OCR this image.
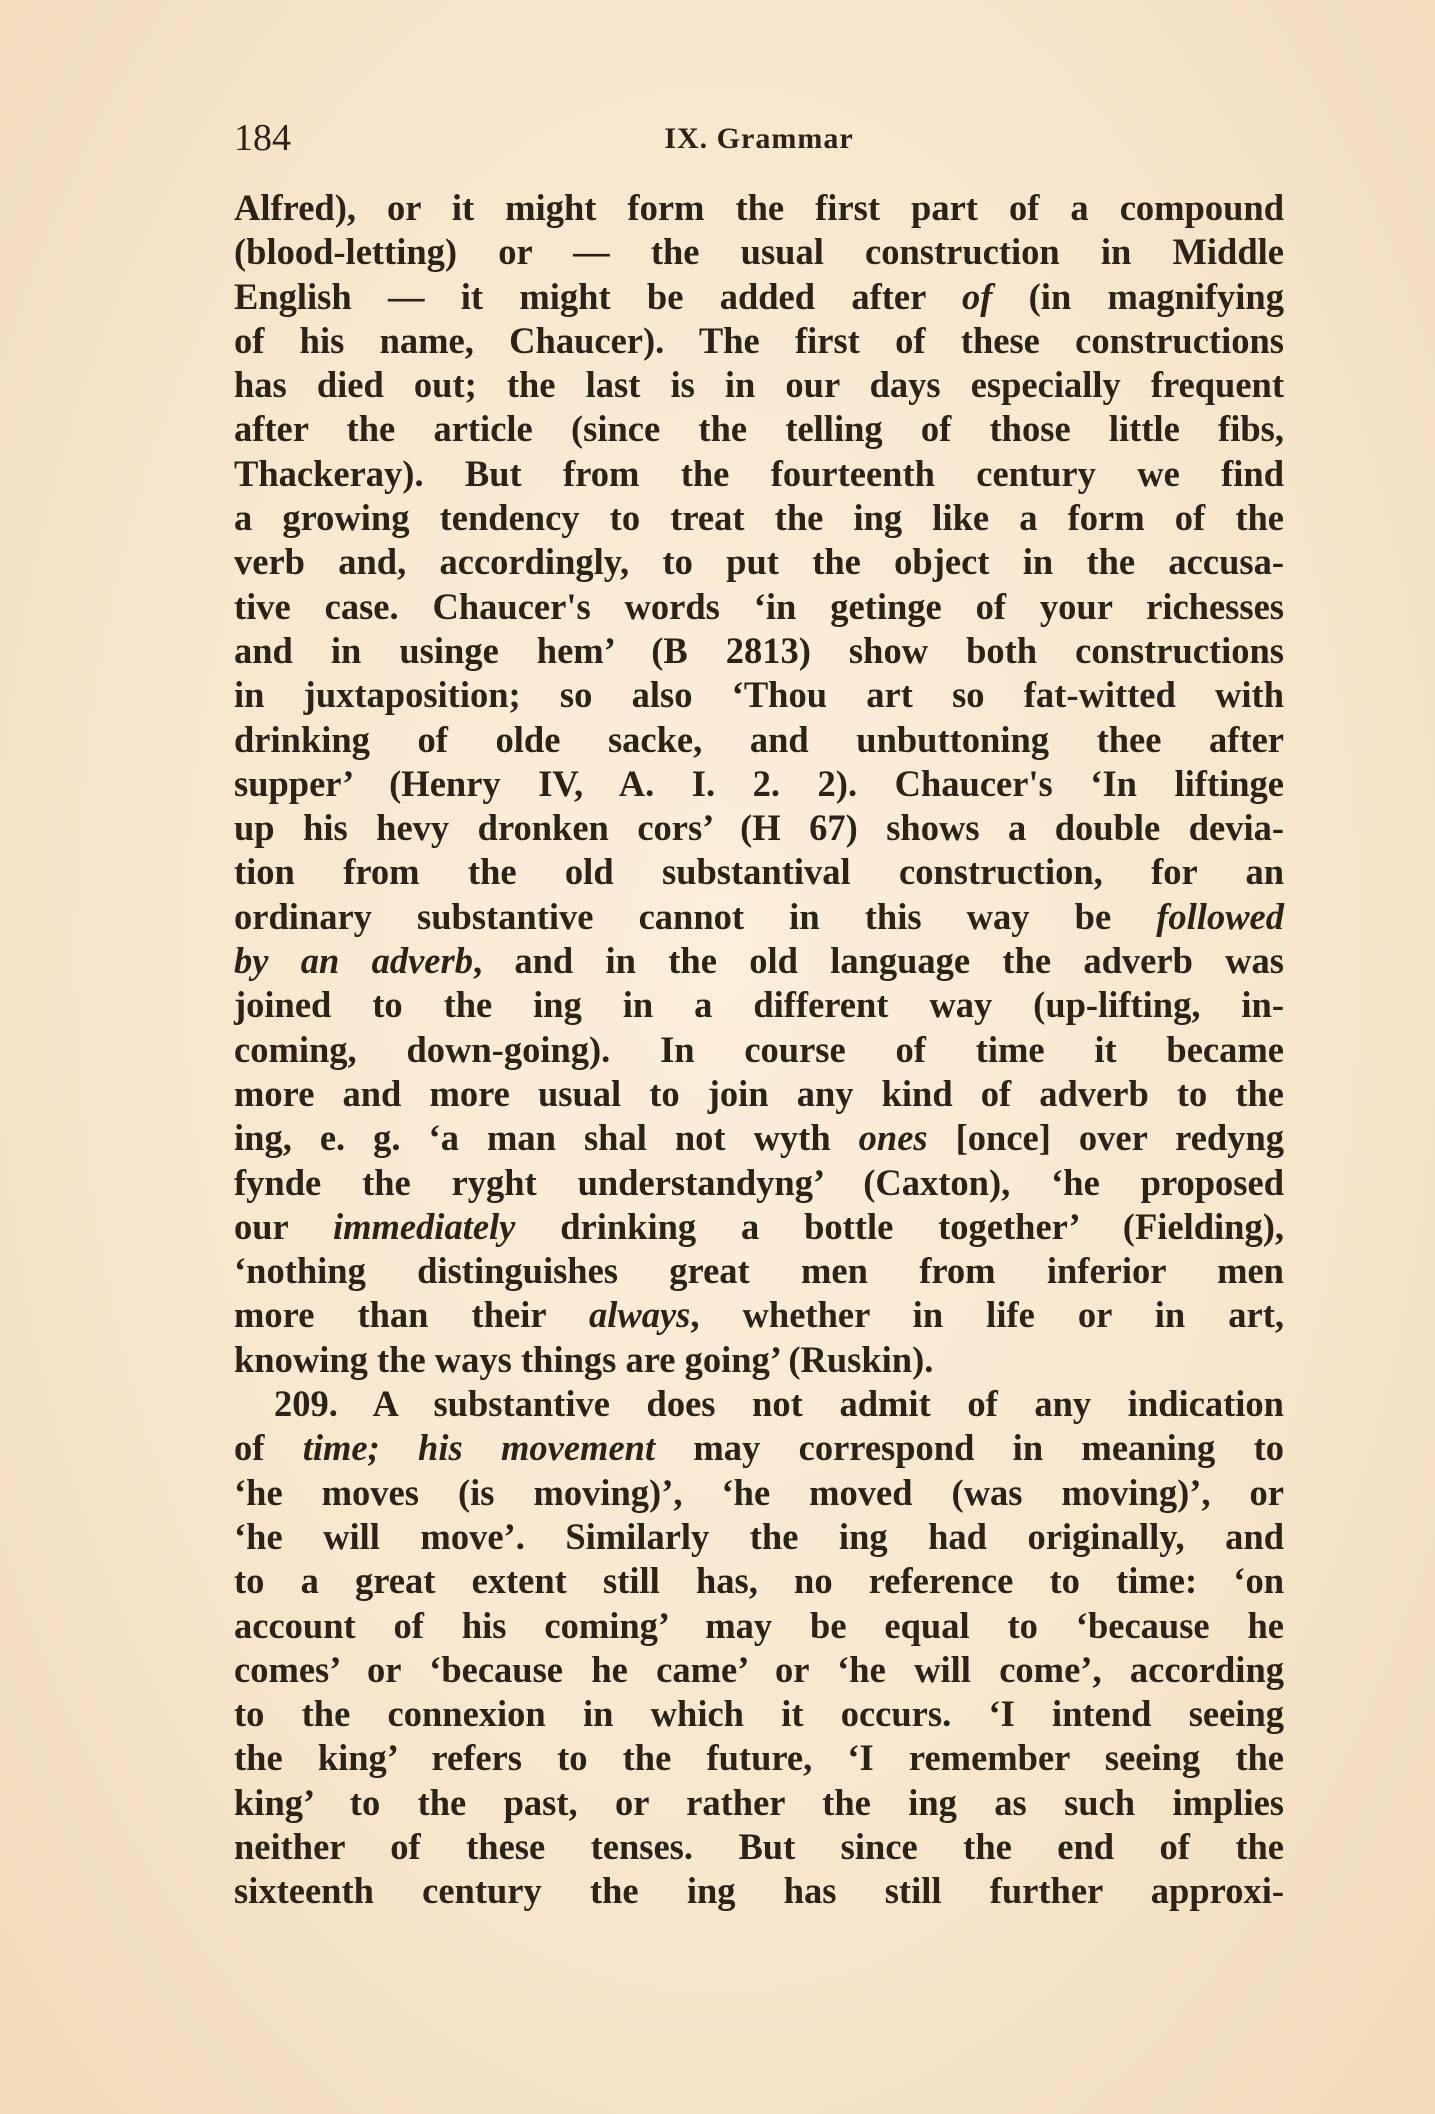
184	IX. Grammar
Alfred), or it might form the first part of a compound
(blood-letting) or — the usual construction in Middle
English — it might be added after of (in magnifying
of his name, Chaucer). The first of these constructions
has died out; the last is in our days especially frequent
after the article (since the telling of those little fibs,
Thackeray). But from the fourteenth century we find
a growing tendency to treat the ing like a form of the
verb and, accordingly, to put the object in the accusa-
tive case. Chaucer's words ‘in getinge of your richesses
and in usinge hem’ (B 2813) show both constructions
in juxtaposition; so also ‘Thou art so fat-witted with
drinking of olde sacke, and unbuttoning thee after
supper’ (Henry IV, A. I. 2. 2). Chaucer's ‘In liftinge
up his hevy dronken cors’ (H 67) shows a double devia-
tion from the old substantival construction, for an
ordinary substantive cannot in this way be followed
by an adverb, and in the old language the adverb was
joined to the ing in a different way (up-lifting, in-
coming, down-going). In course of time it became
more and more usual to join any kind of adverb to the
ing, e. g. ‘a man shal not wyth ones [once] over redyng
fynde the ryght understandyng’ (Caxton), ‘he proposed
our immediately drinking a bottle together’ (Fielding),
‘nothing distinguishes great men from inferior men
more than their always, whether in life or in art,
knowing the ways things are going’ (Ruskin).
209. A substantive does not admit of any indication
of time; his movement may correspond in meaning to
‘he moves (is moving)’, ‘he moved (was moving)’, or
‘he will move’. Similarly the ing had originally, and
to a great extent still has, no reference to time: ‘on
account of his coming’ may be equal to ‘because he
comes’ or ‘because he came’ or ‘he will come’, according
to the connexion in which it occurs. ‘I intend seeing
the king’ refers to the future, ‘I remember seeing the
king’ to the past, or rather the ing as such implies
neither of these tenses. But since the end of the
sixteenth century the ing has still further approxi-
